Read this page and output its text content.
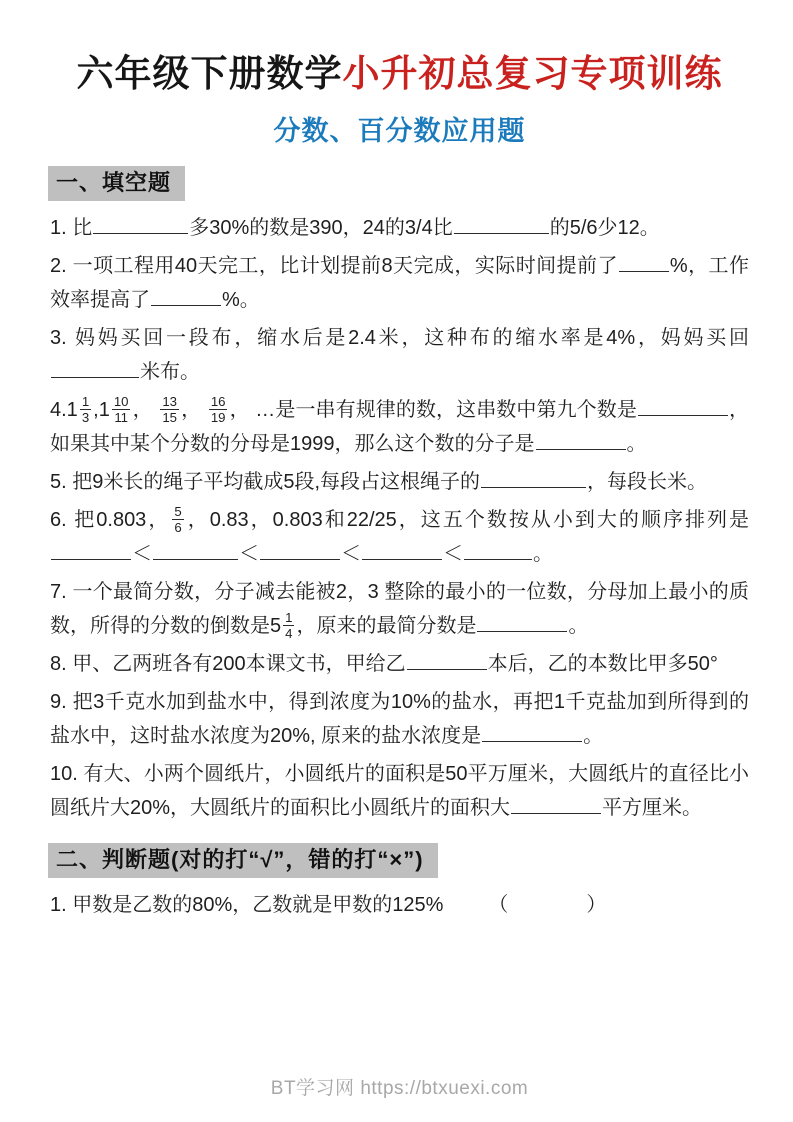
六年级下册数学小升初总复习专项训练
分数、百分数应用题
一、填空题
1. 比	多30%的数是390，24的3/4比	的5/6少12。
2. 一项工程用40天完工，比计划提前8天完成，实际时间提前了	%，工作效率提高了	%。
3. 妈妈买回一段布，缩水后是2.4米，这种布的缩水率是4%，妈妈买回米布。
$4.1 \frac{1}{3} ,1 \frac{10}{11}$ ， $\frac{13}{15}$ ， $\frac{16}{19}$ ， …是一串有规律的数，这串数中第九个数是	，如果其中某个分数的分母是1999，那么这个数的分子是	。
5. 把9米长的绳子平均截成5段,每段占这根绳子的	，每段长米。
6. 把0.803， $\frac{5}{6}$ ，0.83，0.803和22/25，这五个数按从小到大的顺序排列是＜	＜	＜	＜	。
7. 一个最简分数，分子减去能被2，3 整除的最小的一位数，分母加上最小的质数，所得的分数的倒数是$5 \frac{1}{4}$ ，原来的最简分数是	。
8. 甲、乙两班各有200本课文书，甲给乙	本后，乙的本数比甲多50°
9. 把3千克水加到盐水中，得到浓度为10%的盐水，再把1千克盐加到所得到的盐水中，这时盐水浓度为20%, 原来的盐水浓度是	。
10. 有大、小两个圆纸片，小圆纸片的面积是50平万厘米，大圆纸片的直径比小圆纸片大20%，大圆纸片的面积比小圆纸片的面积大	平方厘米。
二、判断题(对的打“√”，错的打“×”)
1. 甲数是乙数的80%，乙数就是甲数的125% （	）
BT学习网 https://btxuexi.com
